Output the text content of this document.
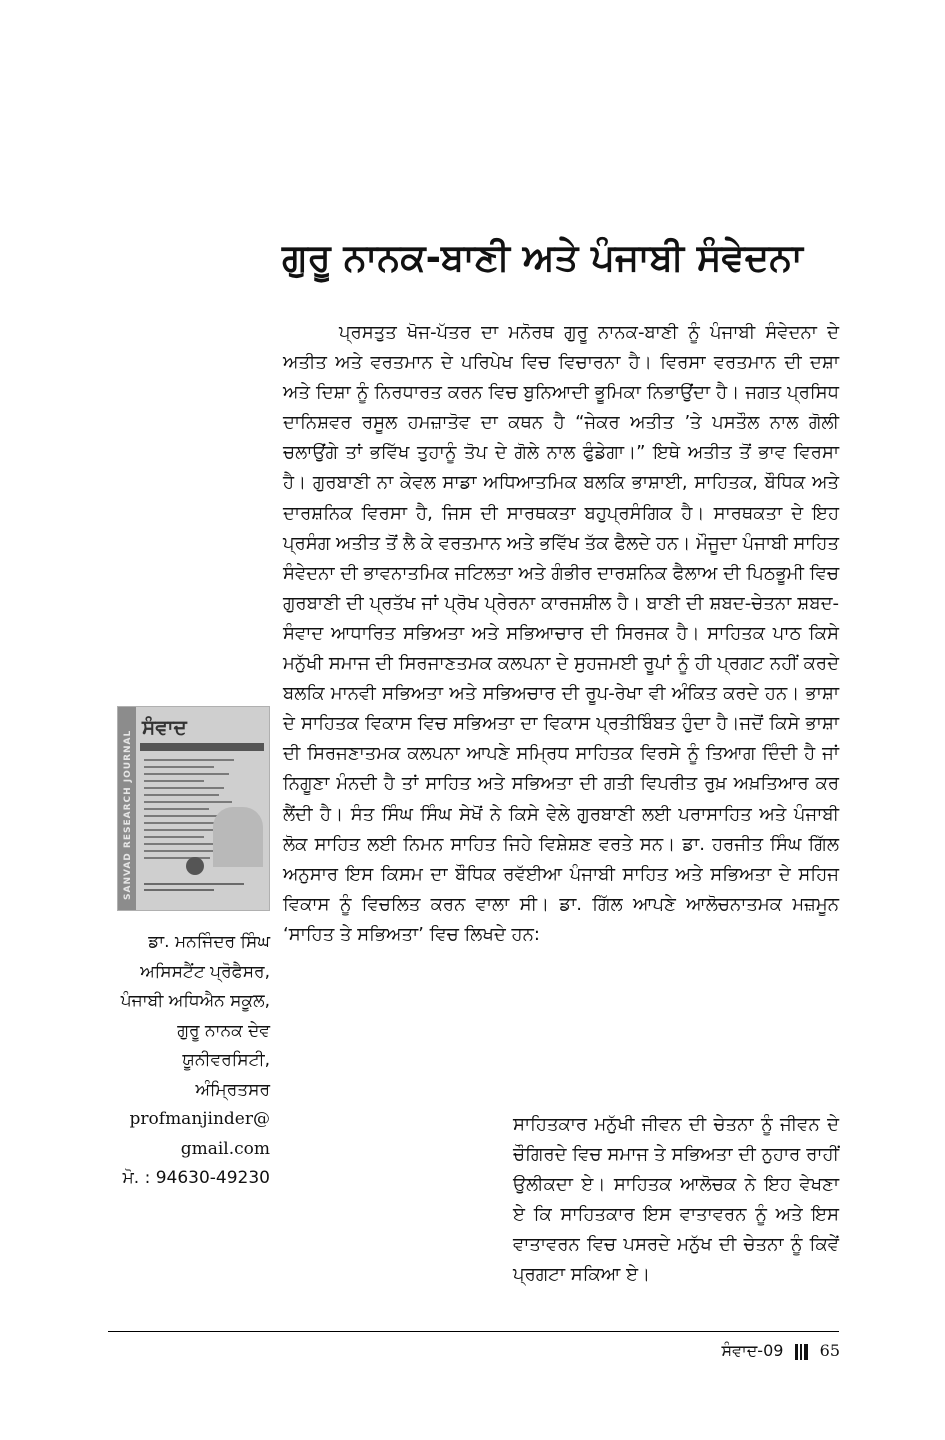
ਗੁਰੂ ਨਾਨਕ-ਬਾਣੀ ਅਤੇ ਪੰਜਾਬੀ ਸੰਵੇਦਨਾ

ਪ੍ਰਸਤੁਤ ਖੋਜ-ਪੱਤਰ ਦਾ ਮਨੋਰਥ ਗੁਰੂ ਨਾਨਕ-ਬਾਣੀ ਨੂੰ ਪੰਜਾਬੀ ਸੰਵੇਦਨਾ ਦੇ ਅਤੀਤ ਅਤੇ ਵਰਤਮਾਨ ਦੇ ਪਰਿਪੇਖ ਵਿਚ ਵਿਚਾਰਨਾ ਹੈ। ਵਿਰਸਾ ਵਰਤਮਾਨ ਦੀ ਦਸ਼ਾ ਅਤੇ ਦਿਸ਼ਾ ਨੂੰ ਨਿਰਧਾਰਤ ਕਰਨ ਵਿਚ ਬੁਨਿਆਦੀ ਭੂਮਿਕਾ ਨਿਭਾਉਂਦਾ ਹੈ। ਜਗਤ ਪ੍ਰਸਿਧ ਦਾਨਿਸ਼ਵਰ ਰਸੂਲ ਹਮਜ਼ਾਤੋਵ ਦਾ ਕਥਨ ਹੈ “ਜੇਕਰ ਅਤੀਤ ’ਤੇ ਪਸਤੌਲ ਨਾਲ ਗੋਲੀ ਚਲਾਉਂਗੇ ਤਾਂ ਭਵਿੱਖ ਤੁਹਾਨੂੰ ਤੋਪ ਦੇ ਗੋਲੇ ਨਾਲ ਫੁੰਡੇਗਾ।” ਇਥੇ ਅਤੀਤ ਤੋਂ ਭਾਵ ਵਿਰਸਾ ਹੈ। ਗੁਰਬਾਣੀ ਨਾ ਕੇਵਲ ਸਾਡਾ ਅਧਿਆਤਮਿਕ ਬਲਕਿ ਭਾਸ਼ਾਈ, ਸਾਹਿਤਕ, ਬੌਧਿਕ ਅਤੇ ਦਾਰਸ਼ਨਿਕ ਵਿਰਸਾ ਹੈ, ਜਿਸ ਦੀ ਸਾਰਥਕਤਾ ਬਹੁਪ੍ਰਸੰਗਿਕ ਹੈ। ਸਾਰਥਕਤਾ ਦੇ ਇਹ ਪ੍ਰਸੰਗ ਅਤੀਤ ਤੋਂ ਲੈ ਕੇ ਵਰਤਮਾਨ ਅਤੇ ਭਵਿੱਖ ਤੱਕ ਫੈਲਦੇ ਹਨ। ਮੌਜੂਦਾ ਪੰਜਾਬੀ ਸਾਹਿਤ ਸੰਵੇਦਨਾ ਦੀ ਭਾਵਨਾਤਮਿਕ ਜਟਿਲਤਾ ਅਤੇ ਗੰਭੀਰ ਦਾਰਸ਼ਨਿਕ ਫੈਲਾਅ ਦੀ ਪਿਠਭੂਮੀ ਵਿਚ ਗੁਰਬਾਣੀ ਦੀ ਪ੍ਰਤੱਖ ਜਾਂ ਪ੍ਰੋਖ ਪ੍ਰੇਰਨਾ ਕਾਰਜਸ਼ੀਲ ਹੈ। ਬਾਣੀ ਦੀ ਸ਼ਬਦ-ਚੇਤਨਾ ਸ਼ਬਦ-ਸੰਵਾਦ ਆਧਾਰਿਤ ਸਭਿਅਤਾ ਅਤੇ ਸਭਿਆਚਾਰ ਦੀ ਸਿਰਜਕ ਹੈ। ਸਾਹਿਤਕ ਪਾਠ ਕਿਸੇ ਮਨੁੱਖੀ ਸਮਾਜ ਦੀ ਸਿਰਜਾਣਤਮਕ ਕਲਪਨਾ ਦੇ ਸੁਹਜਮਈ ਰੂਪਾਂ ਨੂੰ ਹੀ ਪ੍ਰਗਟ ਨਹੀਂ ਕਰਦੇ ਬਲਕਿ ਮਾਨਵੀ ਸਭਿਅਤਾ ਅਤੇ ਸਭਿਅਚਾਰ ਦੀ ਰੂਪ-ਰੇਖਾ ਵੀ ਅੰਕਿਤ ਕਰਦੇ ਹਨ। ਭਾਸ਼ਾ ਦੇ ਸਾਹਿਤਕ ਵਿਕਾਸ ਵਿਚ ਸਭਿਅਤਾ ਦਾ ਵਿਕਾਸ ਪ੍ਰਤੀਬਿੰਬਤ ਹੁੰਦਾ ਹੈ।ਜਦੋਂ ਕਿਸੇ ਭਾਸ਼ਾ ਦੀ ਸਿਰਜਣਾਤਮਕ ਕਲਪਨਾ ਆਪਣੇ ਸਮ੍ਰਿਧ ਸਾਹਿਤਕ ਵਿਰਸੇ ਨੂੰ ਤਿਆਗ ਦਿੰਦੀ ਹੈ ਜਾਂ ਨਿਗੂਣਾ ਮੰਨਦੀ ਹੈ ਤਾਂ ਸਾਹਿਤ ਅਤੇ ਸਭਿਅਤਾ ਦੀ ਗਤੀ ਵਿਪਰੀਤ ਰੁਖ਼ ਅਖ਼ਤਿਆਰ ਕਰ ਲੈਂਦੀ ਹੈ। ਸੰਤ ਸਿੰਘ ਸਿੰਘ ਸੇਖੋਂ ਨੇ ਕਿਸੇ ਵੇਲੇ ਗੁਰਬਾਣੀ ਲਈ ਪਰਾਸਾਹਿਤ ਅਤੇ ਪੰਜਾਬੀ ਲੋਕ ਸਾਹਿਤ ਲਈ ਨਿਮਨ ਸਾਹਿਤ ਜਿਹੇ ਵਿਸ਼ੇਸ਼ਣ ਵਰਤੇ ਸਨ। ਡਾ. ਹਰਜੀਤ ਸਿੰਘ ਗਿੱਲ ਅਨੁਸਾਰ ਇਸ ਕਿਸਮ ਦਾ ਬੌਧਿਕ ਰਵੱਈਆ ਪੰਜਾਬੀ ਸਾਹਿਤ ਅਤੇ ਸਭਿਅਤਾ ਦੇ ਸਹਿਜ ਵਿਕਾਸ ਨੂੰ ਵਿਚਲਿਤ ਕਰਨ ਵਾਲਾ ਸੀ। ਡਾ. ਗਿੱਲ ਆਪਣੇ ਆਲੋਚਨਾਤਮਕ ਮਜ਼ਮੂਨ ‘ਸਾਹਿਤ ਤੇ ਸਭਿਅਤਾ’ ਵਿਚ ਲਿਖਦੇ ਹਨ:

ਸਾਹਿਤਕਾਰ ਮਨੁੱਖੀ ਜੀਵਨ ਦੀ ਚੇਤਨਾ ਨੂੰ ਜੀਵਨ ਦੇ ਚੌਗਿਰਦੇ ਵਿਚ ਸਮਾਜ ਤੇ ਸਭਿਅਤਾ ਦੀ ਨੁਹਾਰ ਰਾਹੀਂ ਉਲੀਕਦਾ ਏ। ਸਾਹਿਤਕ ਆਲੋਚਕ ਨੇ ਇਹ ਵੇਖਣਾ ਏ ਕਿ ਸਾਹਿਤਕਾਰ ਇਸ ਵਾਤਾਵਰਨ ਨੂੰ ਅਤੇ ਇਸ ਵਾਤਾਵਰਨ ਵਿਚ ਪਸਰਦੇ ਮਨੁੱਖ ਦੀ ਚੇਤਨਾ ਨੂੰ ਕਿਵੇਂ ਪ੍ਰਗਟਾ ਸਕਿਆ ਏ।
SANVAD RESEARCH JOURNAL
ਸੰਵਾਦ
ਡਾ. ਮਨਜਿੰਦਰ ਸਿੰਘ
ਅਸਿਸਟੈਂਟ ਪ੍ਰੋਫੈਸਰ,
ਪੰਜਾਬੀ ਅਧਿਐਨ ਸਕੂਲ,
ਗੁਰੂ ਨਾਨਕ ਦੇਵ
ਯੂਨੀਵਰਸਿਟੀ,
ਅੰਮ੍ਰਿਤਸਰ
profmanjinder@
gmail.com
ਮੋ. : 94630-49230
ਸੰਵਾਦ-09 65
